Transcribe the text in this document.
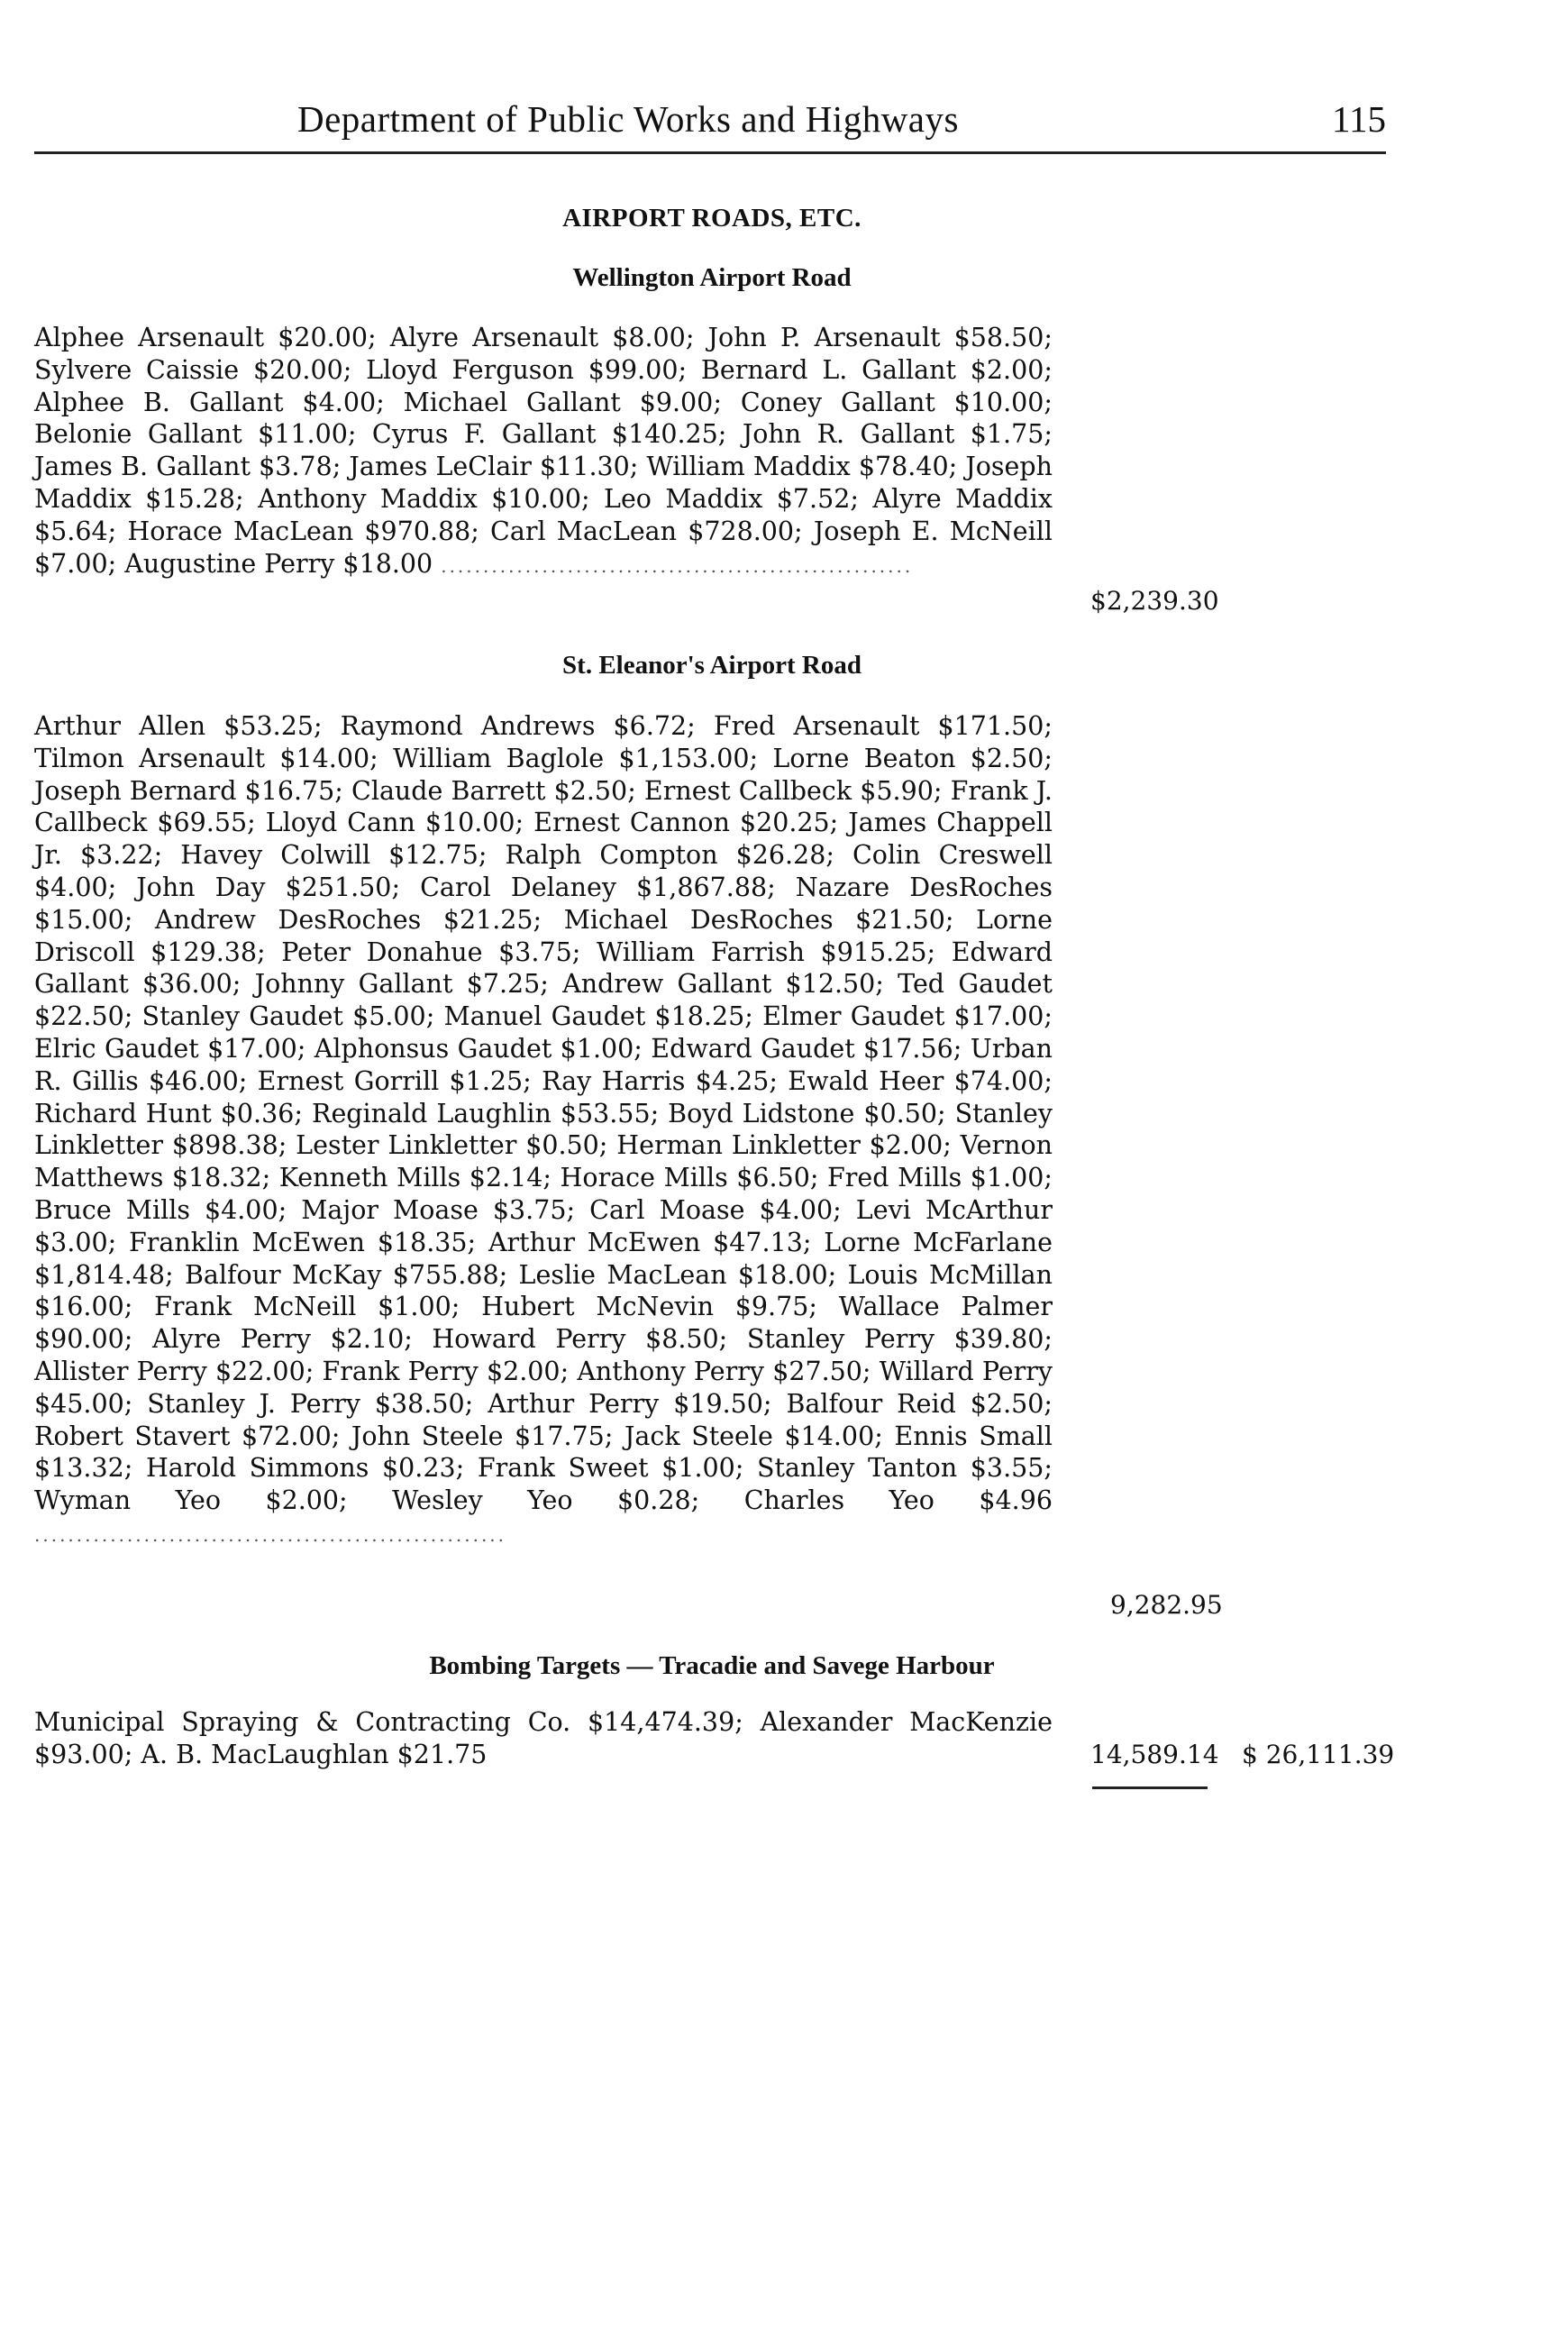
Department of Public Works and Highways	115
AIRPORT ROADS, ETC.
Wellington Airport Road

Alphee Arsenault $20.00; Alyre Arsenault $8.00; John P. Arsenault $58.50; Sylvere Caissie $20.00; Lloyd Ferguson $99.00; Bernard L. Gallant $2.00; Alphee B. Gallant $4.00; Michael Gallant $9.00; Coney Gallant $10.00; Belonie Gallant $11.00; Cyrus F. Gallant $140.25; John R. Gallant $1.75; James B. Gallant $3.78; James LeClair $11.30; William Maddix $78.40; Joseph Maddix $15.28; Anthony Maddix $10.00; Leo Maddix $7.52; Alyre Maddix $5.64; Horace MacLean $970.88; Carl MacLean $728.00; Joseph E. McNeill $7.00; Augustine Perry $18.00 ........................................................

$2,239.30
St. Eleanor's Airport Road

Arthur Allen $53.25; Raymond Andrews $6.72; Fred Arsenault $171.50; Tilmon Arsenault $14.00; William Baglole $1,153.00; Lorne Beaton $2.50; Joseph Bernard $16.75; Claude Barrett $2.50; Ernest Callbeck $5.90; Frank J. Callbeck $69.55; Lloyd Cann $10.00; Ernest Cannon $20.25; James Chappell Jr. $3.22; Havey Colwill $12.75; Ralph Compton $26.28; Colin Creswell $4.00; John Day $251.50; Carol Delaney $1,867.88; Nazare DesRoches $15.00; Andrew DesRoches $21.25; Michael DesRoches $21.50; Lorne Driscoll $129.38; Peter Donahue $3.75; William Farrish $915.25; Edward Gallant $36.00; Johnny Gallant $7.25; Andrew Gallant $12.50; Ted Gaudet $22.50; Stanley Gaudet $5.00; Manuel Gaudet $18.25; Elmer Gaudet $17.00; Elric Gaudet $17.00; Alphonsus Gaudet $1.00; Edward Gaudet $17.56; Urban R. Gillis $46.00; Ernest Gorrill $1.25; Ray Harris $4.25; Ewald Heer $74.00; Richard Hunt $0.36; Reginald Laughlin $53.55; Boyd Lidstone $0.50; Stanley Linkletter $898.38; Lester Linkletter $0.50; Herman Linkletter $2.00; Vernon Matthews $18.32; Kenneth Mills $2.14; Horace Mills $6.50; Fred Mills $1.00; Bruce Mills $4.00; Major Moase $3.75; Carl Moase $4.00; Levi McArthur $3.00; Franklin McEwen $18.35; Arthur McEwen $47.13; Lorne McFarlane $1,814.48; Balfour McKay $755.88; Leslie MacLean $18.00; Louis McMillan $16.00; Frank McNeill $1.00; Hubert McNevin $9.75; Wallace Palmer $90.00; Alyre Perry $2.10; Howard Perry $8.50; Stanley Perry $39.80; Allister Perry $22.00; Frank Perry $2.00; Anthony Perry $27.50; Willard Perry $45.00; Stanley J. Perry $38.50; Arthur Perry $19.50; Balfour Reid $2.50; Robert Stavert $72.00; John Steele $17.75; Jack Steele $14.00; Ennis Small $13.32; Harold Simmons $0.23; Frank Sweet $1.00; Stanley Tanton $3.55; Wyman Yeo $2.00; Wesley Yeo $0.28; Charles Yeo $4.96 ........................................................

9,282.95
Bombing Targets — Tracadie and Savege Harbour

Municipal Spraying & Contracting Co. $14,474.39; Alexander MacKenzie $93.00; A. B. MacLaughlan $21.75	14,589.14 $ 26,111.39
